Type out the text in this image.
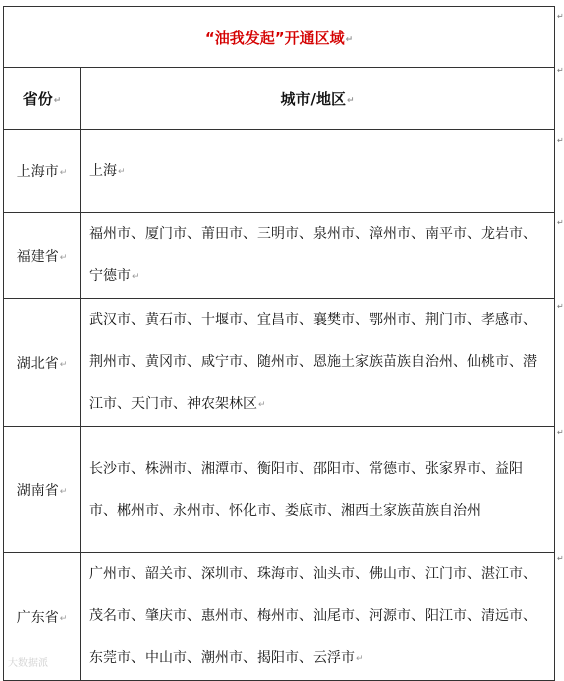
“油我发起”开通区域↵	
省份↵	城市/地区↵
上海市↵	上海↵
福建省↵	福州市、厦门市、莆田市、三明市、泉州市、漳州市、南平市、龙岩市、宁德市↵
湖北省↵	武汉市、黄石市、十堰市、宜昌市、襄樊市、鄂州市、荆门市、孝感市、荆州市、黄冈市、咸宁市、随州市、恩施土家族苗族自治州、仙桃市、潜江市、天门市、神农架林区↵
湖南省↵	长沙市、株洲市、湘潭市、衡阳市、邵阳市、常德市、张家界市、益阳市、郴州市、永州市、怀化市、娄底市、湘西土家族苗族自治州
广东省↵	广州市、韶关市、深圳市、珠海市、汕头市、佛山市、江门市、湛江市、茂名市、肇庆市、惠州市、梅州市、汕尾市、河源市、阳江市、清远市、东莞市、中山市、潮州市、揭阳市、云浮市↵
↵
↵
↵
↵
↵
↵
↵
大数据派
